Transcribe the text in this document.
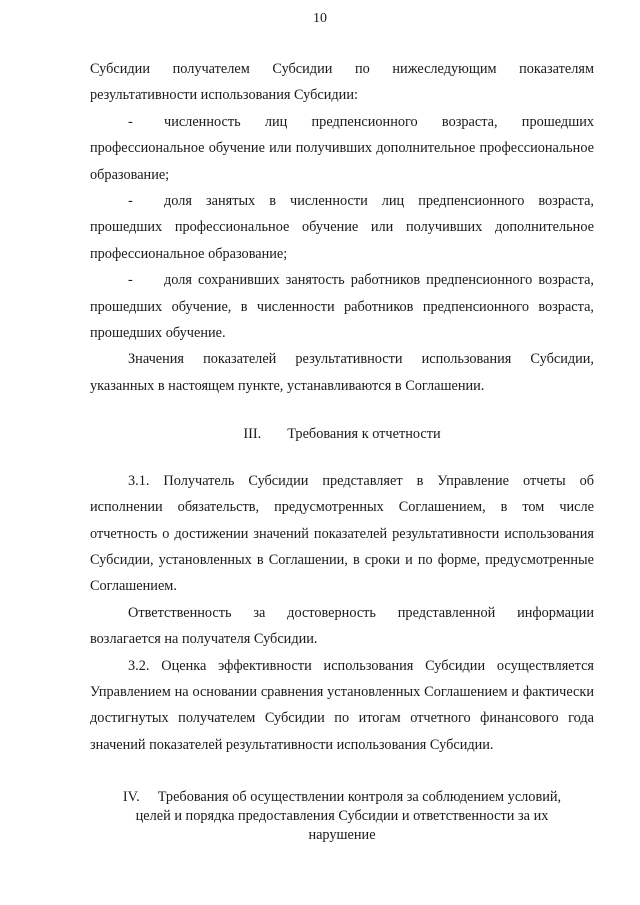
10

Субсидии получателем Субсидии по нижеследующим показателям результативности использования Субсидии:

- численность лиц предпенсионного возраста, прошедших профессиональное обучение или получивших дополнительное профессиональное образование;

- доля занятых в численности лиц предпенсионного возраста, прошедших профессиональное обучение или получивших дополнительное профессиональное образование;

- доля сохранивших занятость работников предпенсионного возраста, прошедших обучение, в численности работников предпенсионного возраста, прошедших обучение.

Значения показателей результативности использования Субсидии, указанных в настоящем пункте, устанавливаются в Соглашении.

III. Требования к отчетности

3.1. Получатель Субсидии представляет в Управление отчеты об исполнении обязательств, предусмотренных Соглашением, в том числе отчетность о достижении значений показателей результативности использования Субсидии, установленных в Соглашении, в сроки и по форме, предусмотренные Соглашением.

Ответственность за достоверность представленной информации возлагается на получателя Субсидии.

3.2. Оценка эффективности использования Субсидии осуществляется Управлением на основании сравнения установленных Соглашением и фактически достигнутых получателем Субсидии по итогам отчетного финансового года значений показателей результативности использования Субсидии.

IV. Требования об осуществлении контроля за соблюдением условий,
целей и порядка предоставления Субсидии и ответственности за их
нарушение
